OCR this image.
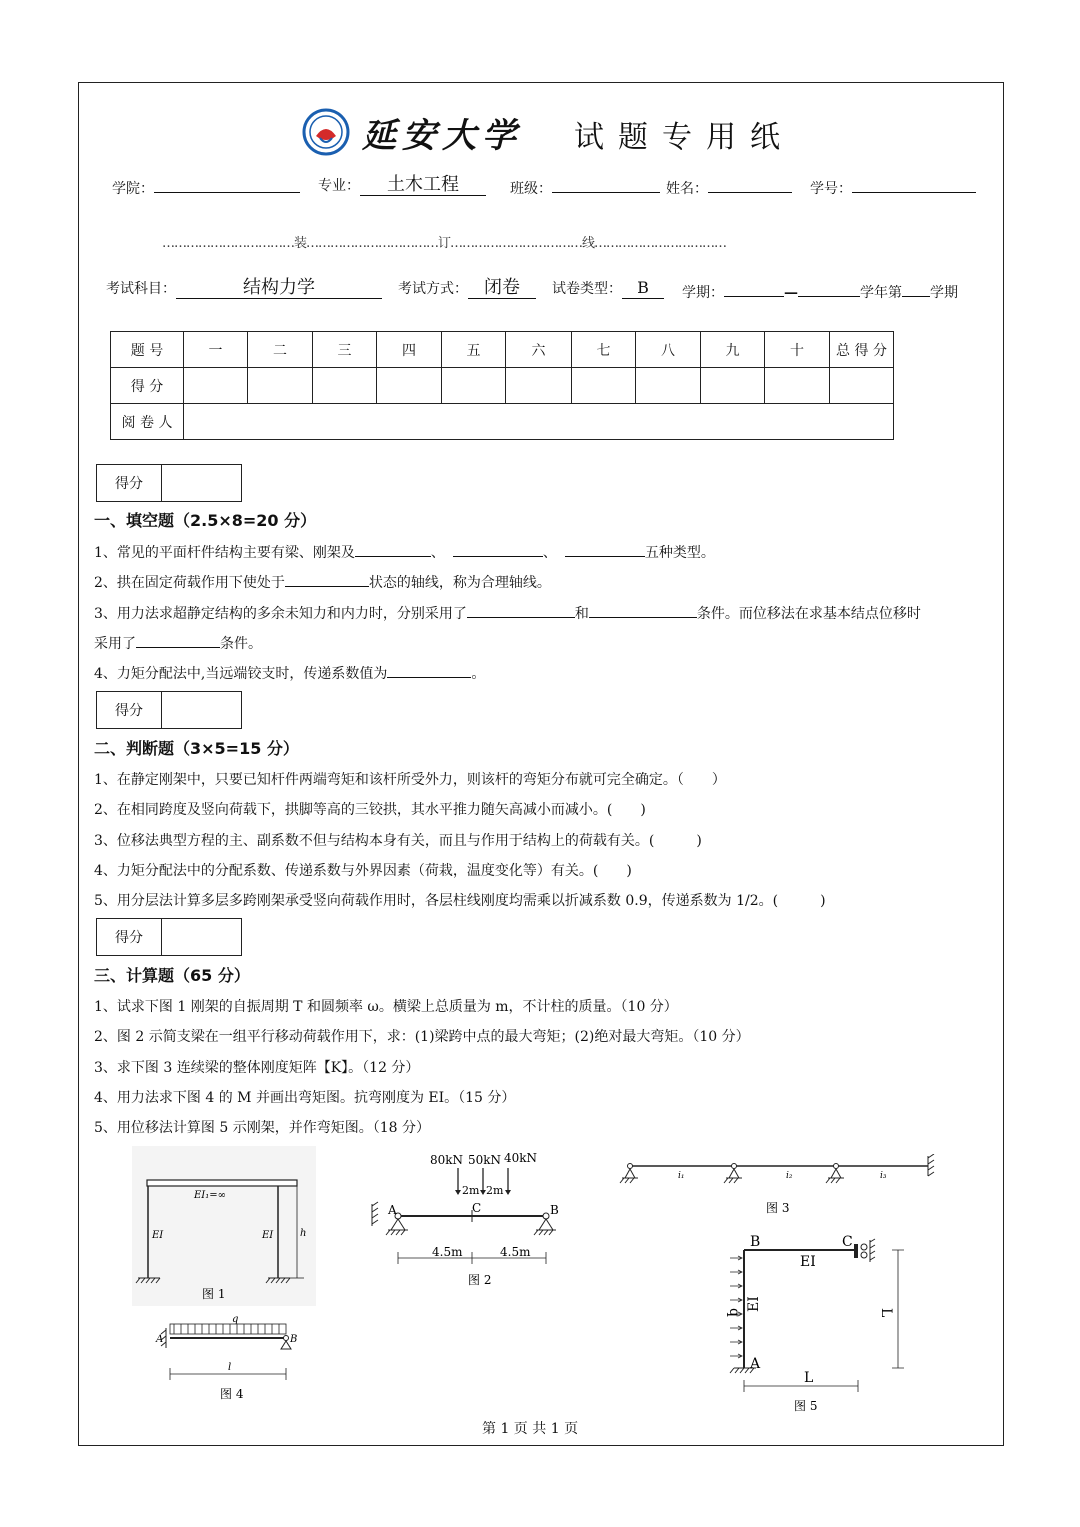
延安大学 试题专用纸
学院：	专业： 土木工程	班级：	姓名：	学号：
……………………………装……………………………订……………………………线……………………………
考试科目：	结构力学	考试方式： 闭卷	试卷类型： B	学期：	—	学年第 学期
题 号	一	二	三	四	五	六	七	八	九	十	总 得 分
得 分											
阅 卷 人											
得分
一、填空题（2.5×8=20 分）
1、常见的平面杆件结构主要有梁、刚架及	、	、	五种类型。
2、拱在固定荷载作用下使处于	状态的轴线，称为合理轴线。
3、用力法求超静定结构的多余未知力和内力时，分别采用了	和	条件。而位移法在求基本结点位移时
采用了	条件。
4、力矩分配法中,当远端铰支时，传递系数值为	。
得分
二、判断题（3×5=15 分）
1、在静定刚架中，只要已知杆件两端弯矩和该杆所受外力，则该杆的弯矩分布就可完全确定。（　　）
2、在相同跨度及竖向荷载下，拱脚等高的三铰拱，其水平推力随矢高减小而减小。(　　)
3、位移法典型方程的主、副系数不但与结构本身有关，而且与作用于结构上的荷载有关。(　　　)
4、力矩分配法中的分配系数、传递系数与外界因素（荷栽，温度变化等）有关。(　　)
5、用分层法计算多层多跨刚架承受竖向荷载作用时，各层柱线刚度均需乘以折减系数 0.9，传递系数为 1/2。(　　　)
得分
三、计算题（65 分）
1、试求下图 1 刚架的自振周期 T 和圆频率 ω。横梁上总质量为 m，不计柱的质量。（10 分）
2、图 2 示简支梁在一组平行移动荷载作用下，求：(1)梁跨中点的最大弯矩；(2)绝对最大弯矩。（10 分）
3、求下图 3 连续梁的整体刚度矩阵【K】。（12 分）
4、用力法求下图 4 的 M 并画出弯矩图。抗弯刚度为 EI。（15 分）
5、用位移法计算图 5 示刚架，并作弯矩图。（18 分）
EI₁=∞
EI	EI	h
图 1
80kN 50kN 40kN
2m 2m
A	B
C
4.5m	4.5m
图 2
i₁	i₂	i₃
图 3
q
A	B
l
图 4
B	C
A
EI
EI
q	L
L
图 5
第 1 页 共 1 页
